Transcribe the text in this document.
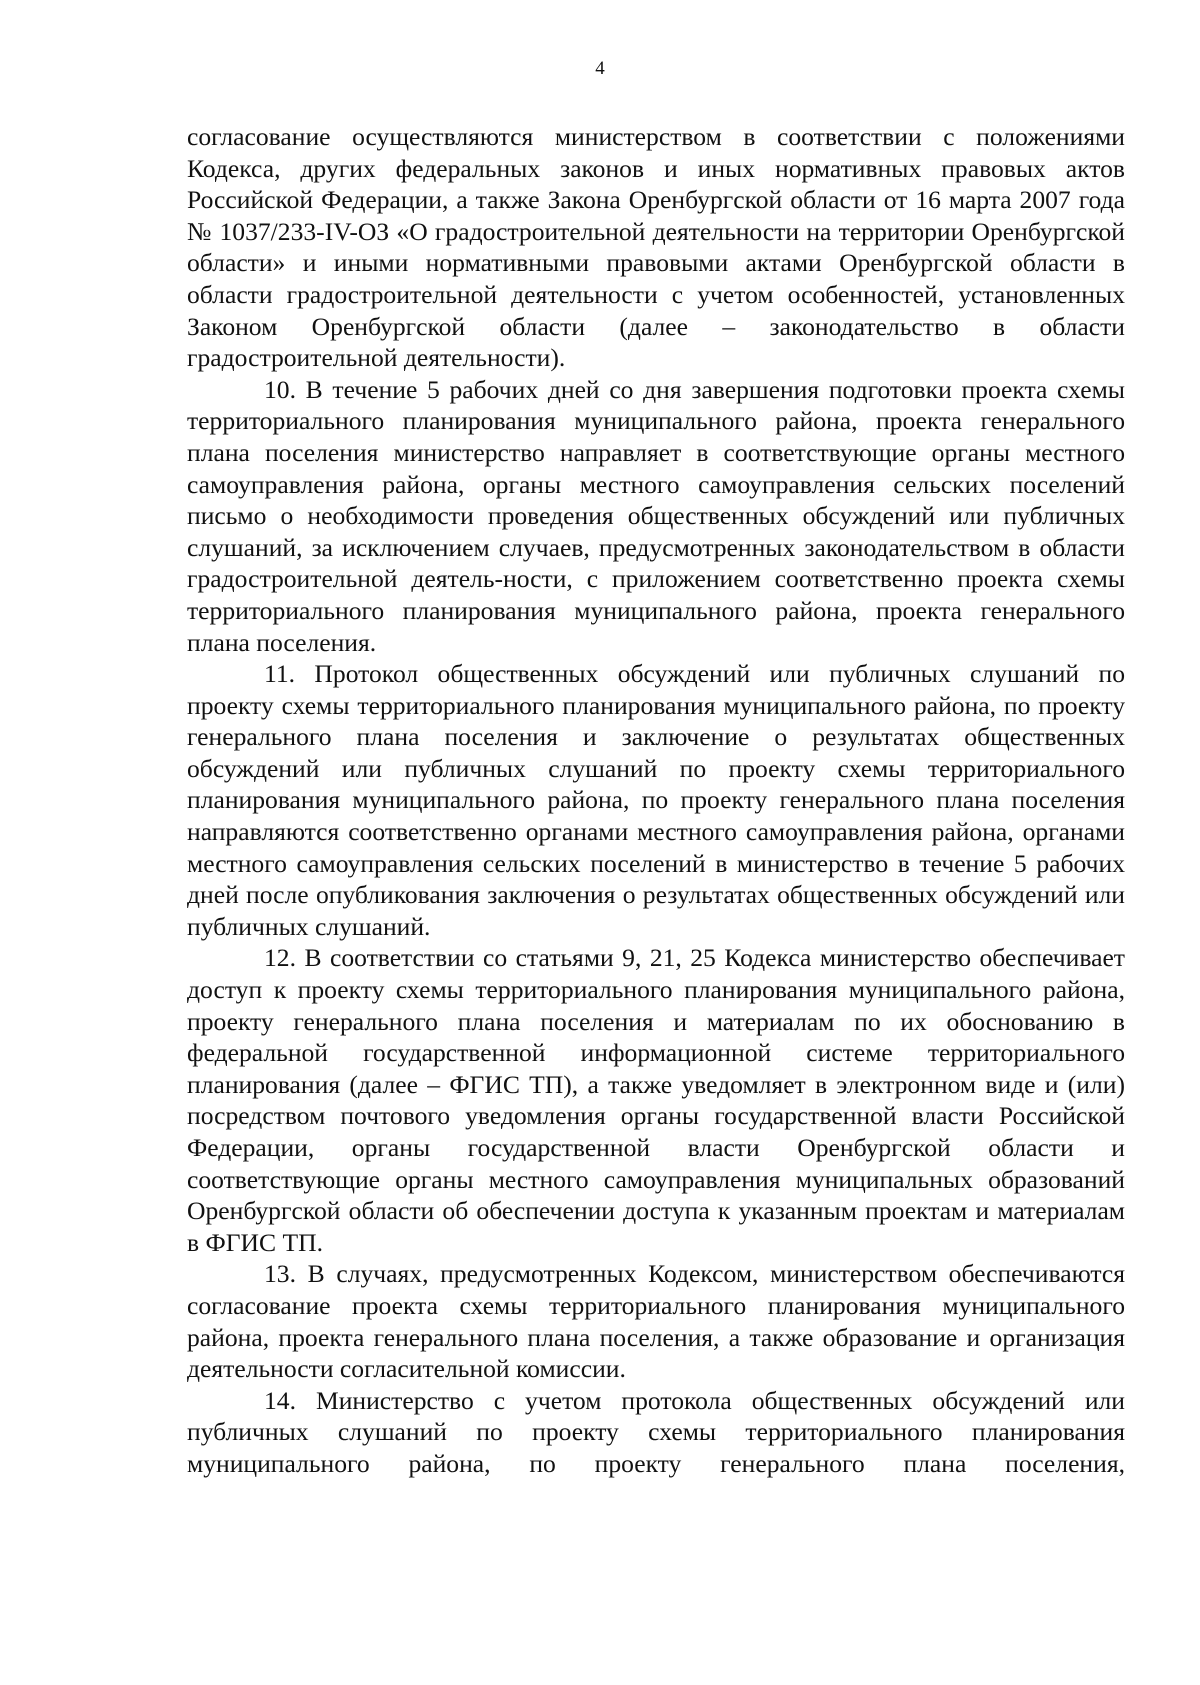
4

согласование осуществляются министерством в соответствии с положениями Кодекса, других федеральных законов и иных нормативных правовых актов Российской Федерации, а также Закона Оренбургской области от 16 марта 2007 года № 1037/233-IV-ОЗ «О градостроительной деятельности на территории Оренбургской области» и иными нормативными правовыми актами Оренбургской области в области градостроительной деятельности с учетом особенностей, установленных Законом Оренбургской области (далее – законодательство в области градостроительной деятельности).

10. В течение 5 рабочих дней со дня завершения подготовки проекта схемы территориального планирования муниципального района, проекта генерального плана поселения министерство направляет в соответствующие органы местного самоуправления района, органы местного самоуправления сельских поселений письмо о необходимости проведения общественных обсуждений или публичных слушаний, за исключением случаев, предусмотренных законодательством в области градостроительной деятель-ности, с приложением соответственно проекта схемы территориального планирования муниципального района, проекта генерального плана поселения.

11. Протокол общественных обсуждений или публичных слушаний по проекту схемы территориального планирования муниципального района, по проекту генерального плана поселения и заключение о результатах общественных обсуждений или публичных слушаний по проекту схемы территориального планирования муниципального района, по проекту генерального плана поселения направляются соответственно органами местного самоуправления района, органами местного самоуправления сельских поселений в министерство в течение 5 рабочих дней после опубликования заключения о результатах общественных обсуждений или публичных слушаний.

12. В соответствии со статьями 9, 21, 25 Кодекса министерство обеспечивает доступ к проекту схемы территориального планирования муниципального района, проекту генерального плана поселения и материалам по их обоснованию в федеральной государственной информационной системе территориального планирования (далее – ФГИС ТП), а также уведомляет в электронном виде и (или) посредством почтового уведомления органы государственной власти Российской Федерации, органы государственной власти Оренбургской области и соответствующие органы местного самоуправления муниципальных образований Оренбургской области об обеспечении доступа к указанным проектам и материалам в ФГИС ТП.

13. В случаях, предусмотренных Кодексом, министерством обеспечиваются согласование проекта схемы территориального планирования муниципального района, проекта генерального плана поселения, а также образование и организация деятельности согласительной комиссии.

14. Министерство с учетом протокола общественных обсуждений или публичных слушаний по проекту схемы территориального планирования муниципального района, по проекту генерального плана поселения,
